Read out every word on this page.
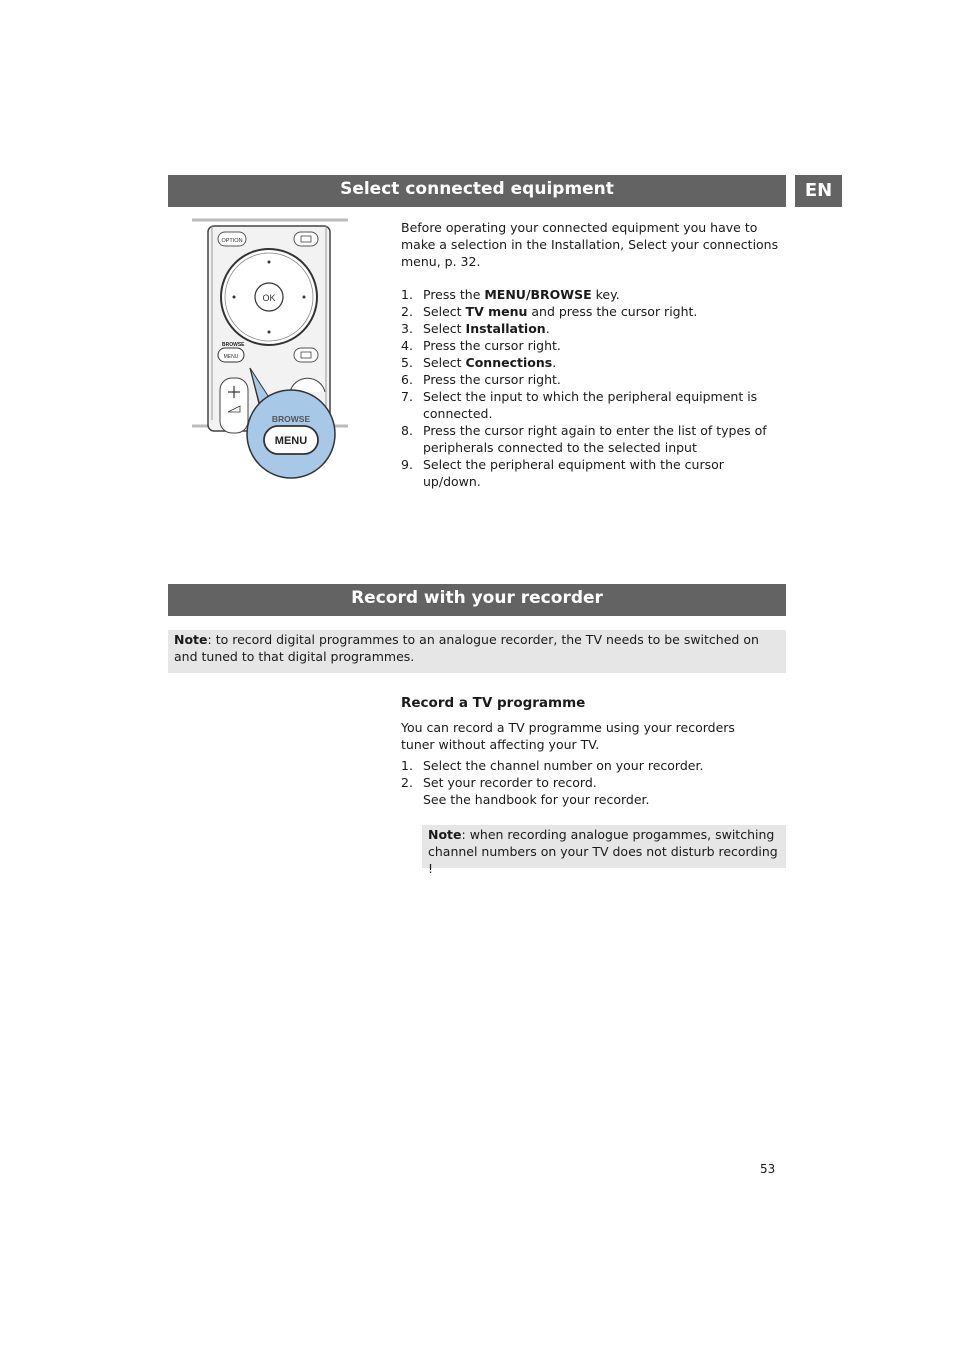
Select connected equipment	EN
OPTION
OK
BROWSE
MENU
BROWSE
MENU
Before operating your connected equipment you have to make a selection in the Installation, Select your connections menu, p. 32.
1. Press the MENU/BROWSE key.
2. Select TV menu and press the cursor right.
3. Select Installation.
4. Press the cursor right.
5. Select Connections.
6. Press the cursor right.
7. Select the input to which the peripheral equipment is connected.
8. Press the cursor right again to enter the list of types of peripherals connected to the selected input
9. Select the peripheral equipment with the cursor up/down.
Record with your recorder
Note: to record digital programmes to an analogue recorder, the TV needs to be switched on and tuned to that digital programmes.
Record a TV programme
You can record a TV programme using your recorders tuner without affecting your TV.
1. Select the channel number on your recorder.
2. Set your recorder to record.
See the handbook for your recorder.
Note: when recording analogue progammes, switching channel numbers on your TV does not disturb recording !
53
